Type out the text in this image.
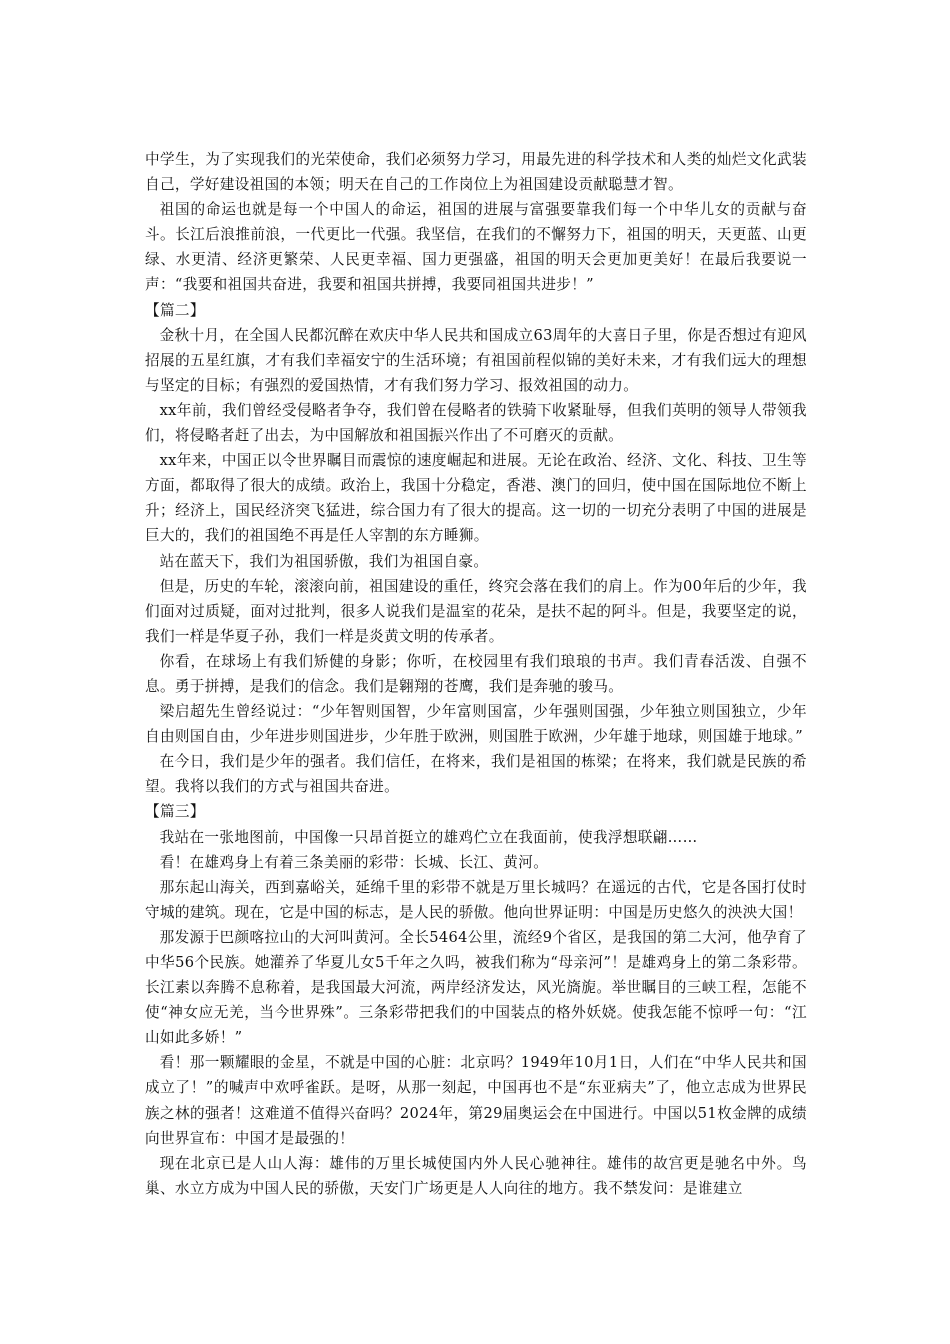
中学生，为了实现我们的光荣使命，我们必须努力学习，用最先进的科学技术和人类的灿烂文化武装自己，学好建设祖国的本领；明天在自己的工作岗位上为祖国建设贡献聪慧才智。

祖国的命运也就是每一个中国人的命运，祖国的进展与富强要靠我们每一个中华儿女的贡献与奋斗。长江后浪推前浪，一代更比一代强。我坚信，在我们的不懈努力下，祖国的明天，天更蓝、山更绿、水更清、经济更繁荣、人民更幸福、国力更强盛，祖国的明天会更加更美好！在最后我要说一声：“我要和祖国共奋进，我要和祖国共拼搏，我要同祖国共进步！”

【篇二】

金秋十月，在全国人民都沉醉在欢庆中华人民共和国成立63周年的大喜日子里，你是否想过有迎风招展的五星红旗，才有我们幸福安宁的生活环境；有祖国前程似锦的美好未来，才有我们远大的理想与坚定的目标；有强烈的爱国热情，才有我们努力学习、报效祖国的动力。

xx年前，我们曾经受侵略者争夺，我们曾在侵略者的铁骑下收紧耻辱，但我们英明的领导人带领我们，将侵略者赶了出去，为中国解放和祖国振兴作出了不可磨灭的贡献。

xx年来，中国正以令世界瞩目而震惊的速度崛起和进展。无论在政治、经济、文化、科技、卫生等方面，都取得了很大的成绩。政治上，我国十分稳定，香港、澳门的回归，使中国在国际地位不断上升；经济上，国民经济突飞猛进，综合国力有了很大的提高。这一切的一切充分表明了中国的进展是巨大的，我们的祖国绝不再是任人宰割的东方睡狮。

站在蓝天下，我们为祖国骄傲，我们为祖国自豪。

但是，历史的车轮，滚滚向前，祖国建设的重任，终究会落在我们的肩上。作为00年后的少年，我们面对过质疑，面对过批判，很多人说我们是温室的花朵，是扶不起的阿斗。但是，我要坚定的说，我们一样是华夏子孙，我们一样是炎黄文明的传承者。

你看，在球场上有我们矫健的身影；你听，在校园里有我们琅琅的书声。我们青春活泼、自强不息。勇于拼搏，是我们的信念。我们是翱翔的苍鹰，我们是奔驰的骏马。

梁启超先生曾经说过：“少年智则国智，少年富则国富，少年强则国强，少年独立则国独立，少年自由则国自由，少年进步则国进步，少年胜于欧洲，则国胜于欧洲，少年雄于地球，则国雄于地球。”

在今日，我们是少年的强者。我们信任，在将来，我们是祖国的栋梁；在将来，我们就是民族的希望。我将以我们的方式与祖国共奋进。

【篇三】

我站在一张地图前，中国像一只昂首挺立的雄鸡伫立在我面前，使我浮想联翩……

看！在雄鸡身上有着三条美丽的彩带：长城、长江、黄河。

那东起山海关，西到嘉峪关，延绵千里的彩带不就是万里长城吗？在遥远的古代，它是各国打仗时守城的建筑。现在，它是中国的标志，是人民的骄傲。他向世界证明：中国是历史悠久的泱泱大国！

那发源于巴颜喀拉山的大河叫黄河。全长5464公里，流经9个省区，是我国的第二大河，他孕育了中华56个民族。她灌养了华夏儿女5千年之久吗，被我们称为“母亲河”！是雄鸡身上的第二条彩带。长江素以奔腾不息称着，是我国最大河流，两岸经济发达，风光旖旎。举世瞩目的三峡工程，怎能不使“神女应无羌，当今世界殊”。三条彩带把我们的中国装点的格外妖娆。使我怎能不惊呼一句：“江山如此多娇！”

看！那一颗耀眼的金星，不就是中国的心脏：北京吗？1949年10月1日，人们在“中华人民共和国成立了！”的喊声中欢呼雀跃。是呀，从那一刻起，中国再也不是“东亚病夫”了，他立志成为世界民族之林的强者！这难道不值得兴奋吗？2024年，第29届奥运会在中国进行。中国以51枚金牌的成绩向世界宣布：中国才是最强的！

现在北京已是人山人海：雄伟的万里长城使国内外人民心驰神往。雄伟的故宫更是驰名中外。鸟巢、水立方成为中国人民的骄傲，天安门广场更是人人向往的地方。我不禁发问：是谁建立
